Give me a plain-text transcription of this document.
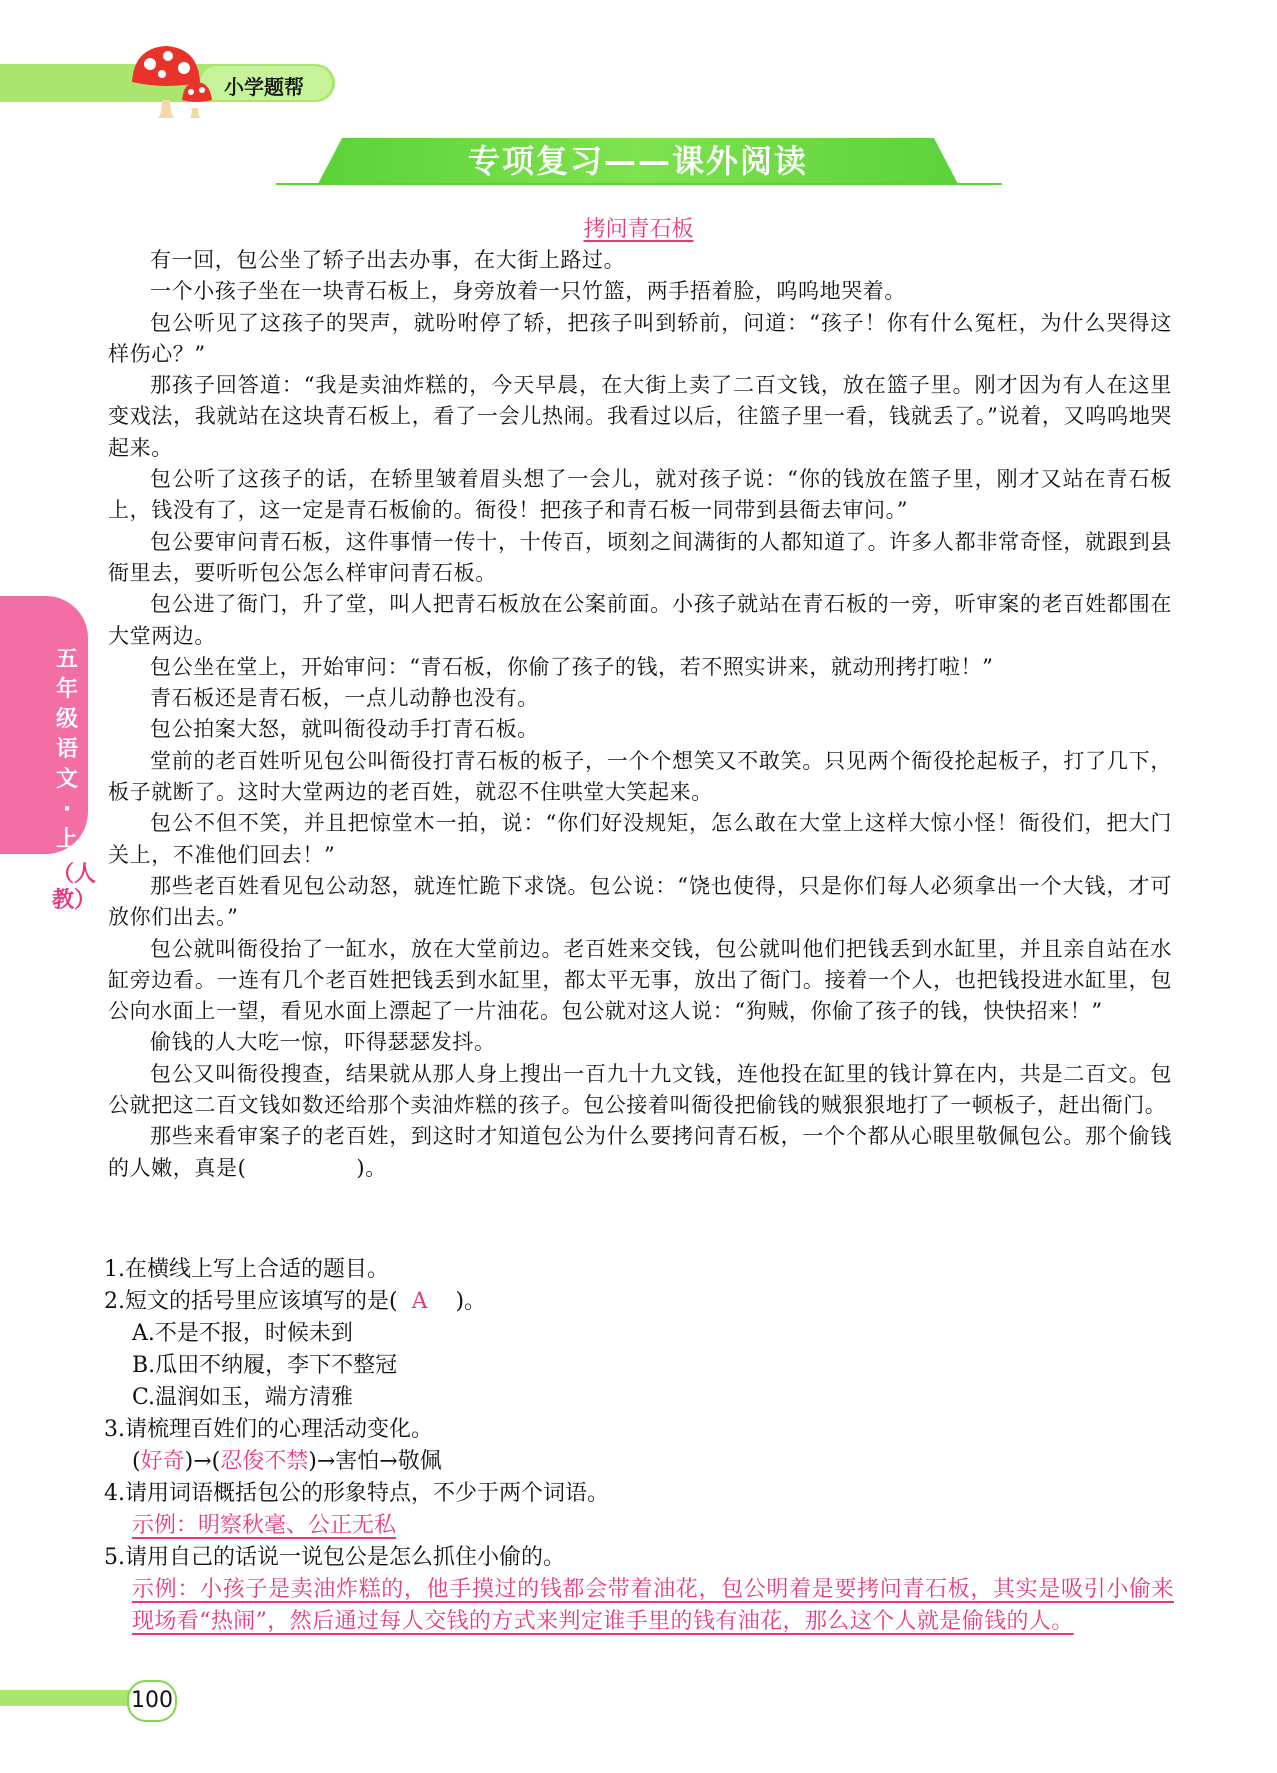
小学题帮
专项复习——课外阅读
五年级语文·上
（人教）
拷问青石板

有一回，包公坐了轿子出去办事，在大街上路过。

一个小孩子坐在一块青石板上，身旁放着一只竹篮，两手捂着脸，呜呜地哭着。

包公听见了这孩子的哭声，就吩咐停了轿，把孩子叫到轿前，问道：“孩子！你有什么冤枉，为什么哭得这样伤心？”

那孩子回答道：“我是卖油炸糕的，今天早晨，在大街上卖了二百文钱，放在篮子里。刚才因为有人在这里变戏法，我就站在这块青石板上，看了一会儿热闹。我看过以后，往篮子里一看，钱就丢了。”说着，又呜呜地哭起来。

包公听了这孩子的话，在轿里皱着眉头想了一会儿，就对孩子说：“你的钱放在篮子里，刚才又站在青石板上，钱没有了，这一定是青石板偷的。衙役！把孩子和青石板一同带到县衙去审问。”

包公要审问青石板，这件事情一传十，十传百，顷刻之间满街的人都知道了。许多人都非常奇怪，就跟到县衙里去，要听听包公怎么样审问青石板。

包公进了衙门，升了堂，叫人把青石板放在公案前面。小孩子就站在青石板的一旁，听审案的老百姓都围在大堂两边。

包公坐在堂上，开始审问：“青石板，你偷了孩子的钱，若不照实讲来，就动刑拷打啦！”

青石板还是青石板，一点儿动静也没有。

包公拍案大怒，就叫衙役动手打青石板。

堂前的老百姓听见包公叫衙役打青石板的板子，一个个想笑又不敢笑。只见两个衙役抡起板子，打了几下，板子就断了。这时大堂两边的老百姓，就忍不住哄堂大笑起来。

包公不但不笑，并且把惊堂木一拍，说：“你们好没规矩，怎么敢在大堂上这样大惊小怪！衙役们，把大门关上，不准他们回去！”

那些老百姓看见包公动怒，就连忙跪下求饶。包公说：“饶也使得，只是你们每人必须拿出一个大钱，才可放你们出去。”

包公就叫衙役抬了一缸水，放在大堂前边。老百姓来交钱，包公就叫他们把钱丢到水缸里，并且亲自站在水缸旁边看。一连有几个老百姓把钱丢到水缸里，都太平无事，放出了衙门。接着一个人，也把钱投进水缸里，包公向水面上一望，看见水面上漂起了一片油花。包公就对这人说：“狗贼，你偷了孩子的钱，快快招来！”

偷钱的人大吃一惊，吓得瑟瑟发抖。

包公又叫衙役搜查，结果就从那人身上搜出一百九十九文钱，连他投在缸里的钱计算在内，共是二百文。包公就把这二百文钱如数还给那个卖油炸糕的孩子。包公接着叫衙役把偷钱的贼狠狠地打了一顿板子，赶出衙门。

那些来看审案子的老百姓，到这时才知道包公为什么要拷问青石板，一个个都从心眼里敬佩包公。那个偷钱的人嫩，真是(	)。

1.在横线上写上合适的题目。

2.短文的括号里应该填写的是( A )。

A.不是不报，时候未到

B.瓜田不纳履，李下不整冠

C.温润如玉，端方清雅

3.请梳理百姓们的心理活动变化。

(好奇)→(忍俊不禁)→害怕→敬佩

4.请用词语概括包公的形象特点，不少于两个词语。

示例：明察秋毫、公正无私

5.请用自己的话说一说包公是怎么抓住小偷的。

示例：小孩子是卖油炸糕的，他手摸过的钱都会带着油花，包公明着是要拷问青石板，其实是吸引小偷来现场看“热闹”，然后通过每人交钱的方式来判定谁手里的钱有油花，那么这个人就是偷钱的人。

100
